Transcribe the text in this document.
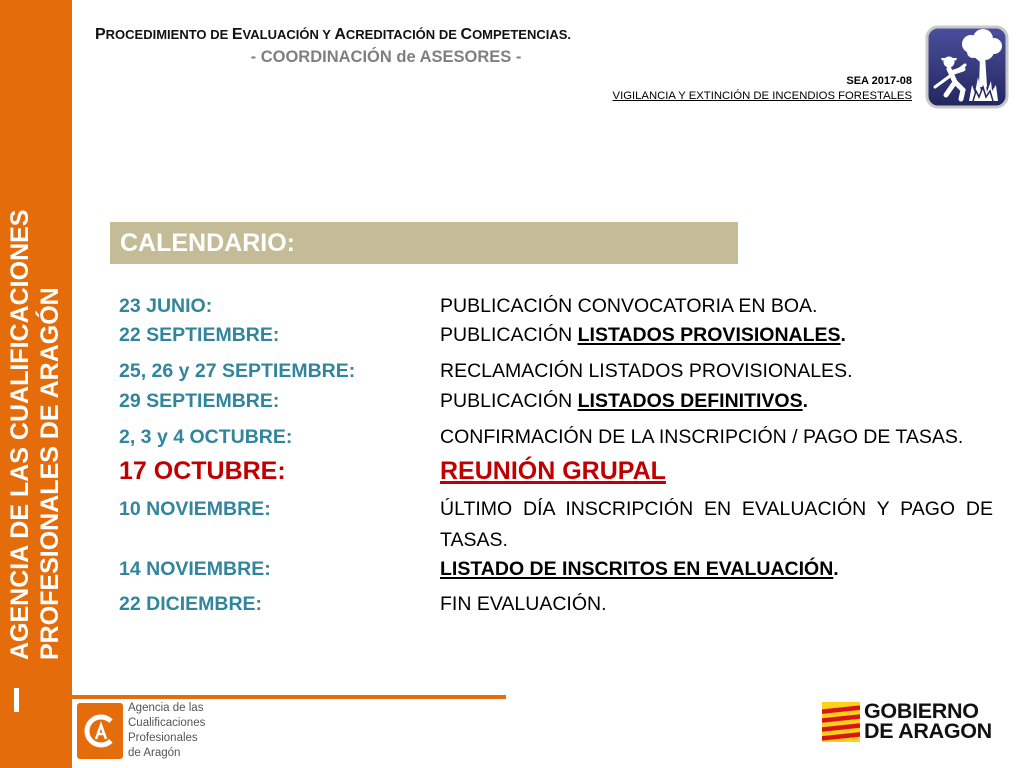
AGENCIA DE LAS CUALIFICACIONES PROFESIONALES DE ARAGÓN
PROCEDIMIENTO DE EVALUACIÓN Y ACREDITACIÓN DE COMPETENCIAS.
- COORDINACIÓN de ASESORES -
SEA 2017-08
VIGILANCIA Y EXTINCIÓN DE INCENDIOS FORESTALES
CALENDARIO:
23 JUNIO:	PUBLICACIÓN CONVOCATORIA EN BOA.
22 SEPTIEMBRE:	PUBLICACIÓN LISTADOS PROVISIONALES.
25, 26 y 27 SEPTIEMBRE:	RECLAMACIÓN LISTADOS PROVISIONALES.
29 SEPTIEMBRE:	PUBLICACIÓN LISTADOS DEFINITIVOS.
2, 3 y 4 OCTUBRE:	CONFIRMACIÓN DE LA INSCRIPCIÓN / PAGO DE TASAS.
17 OCTUBRE:	REUNIÓN GRUPAL
10 NOVIEMBRE:	ÚLTIMO DÍA INSCRIPCIÓN EN EVALUACIÓN Y PAGO DE TASAS.
14 NOVIEMBRE:	LISTADO DE INSCRITOS EN EVALUACIÓN.
22 DICIEMBRE:	FIN EVALUACIÓN.
Agencia de las
Cualificaciones
Profesionales
de Aragón
GOBIERNO
DE ARAGON
